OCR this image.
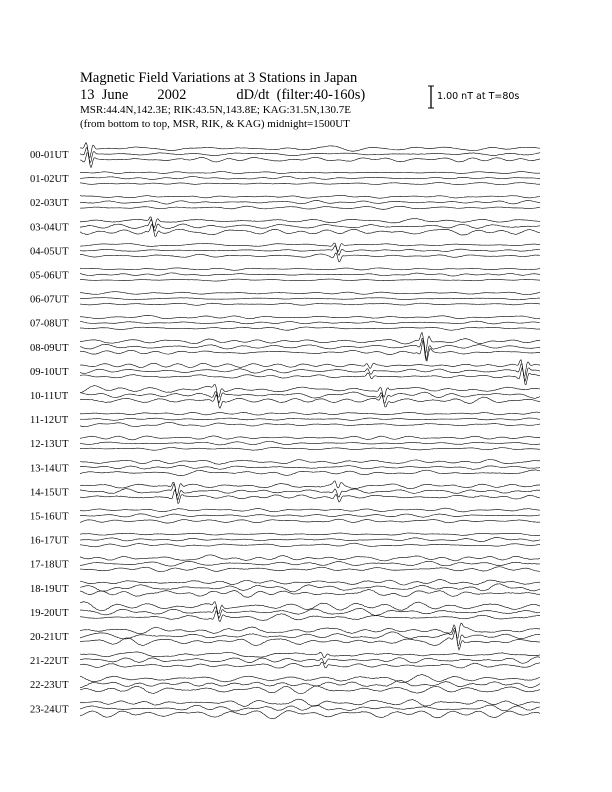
Magnetic Field Variations at 3 Stations in Japan
13  June        2002	dD/dt  (filter:40-160s)
MSR:44.4N,142.3E; RIK:43.5N,143.8E; KAG:31.5N,130.7E
(from bottom to top, MSR, RIK, & KAG) midnight=1500UT
1.00 nT at T=80s
00-01UT
01-02UT
02-03UT
03-04UT
04-05UT
05-06UT
06-07UT
07-08UT
08-09UT
09-10UT
10-11UT
11-12UT
12-13UT
13-14UT
14-15UT
15-16UT
16-17UT
17-18UT
18-19UT
19-20UT
20-21UT
21-22UT
22-23UT
23-24UT
